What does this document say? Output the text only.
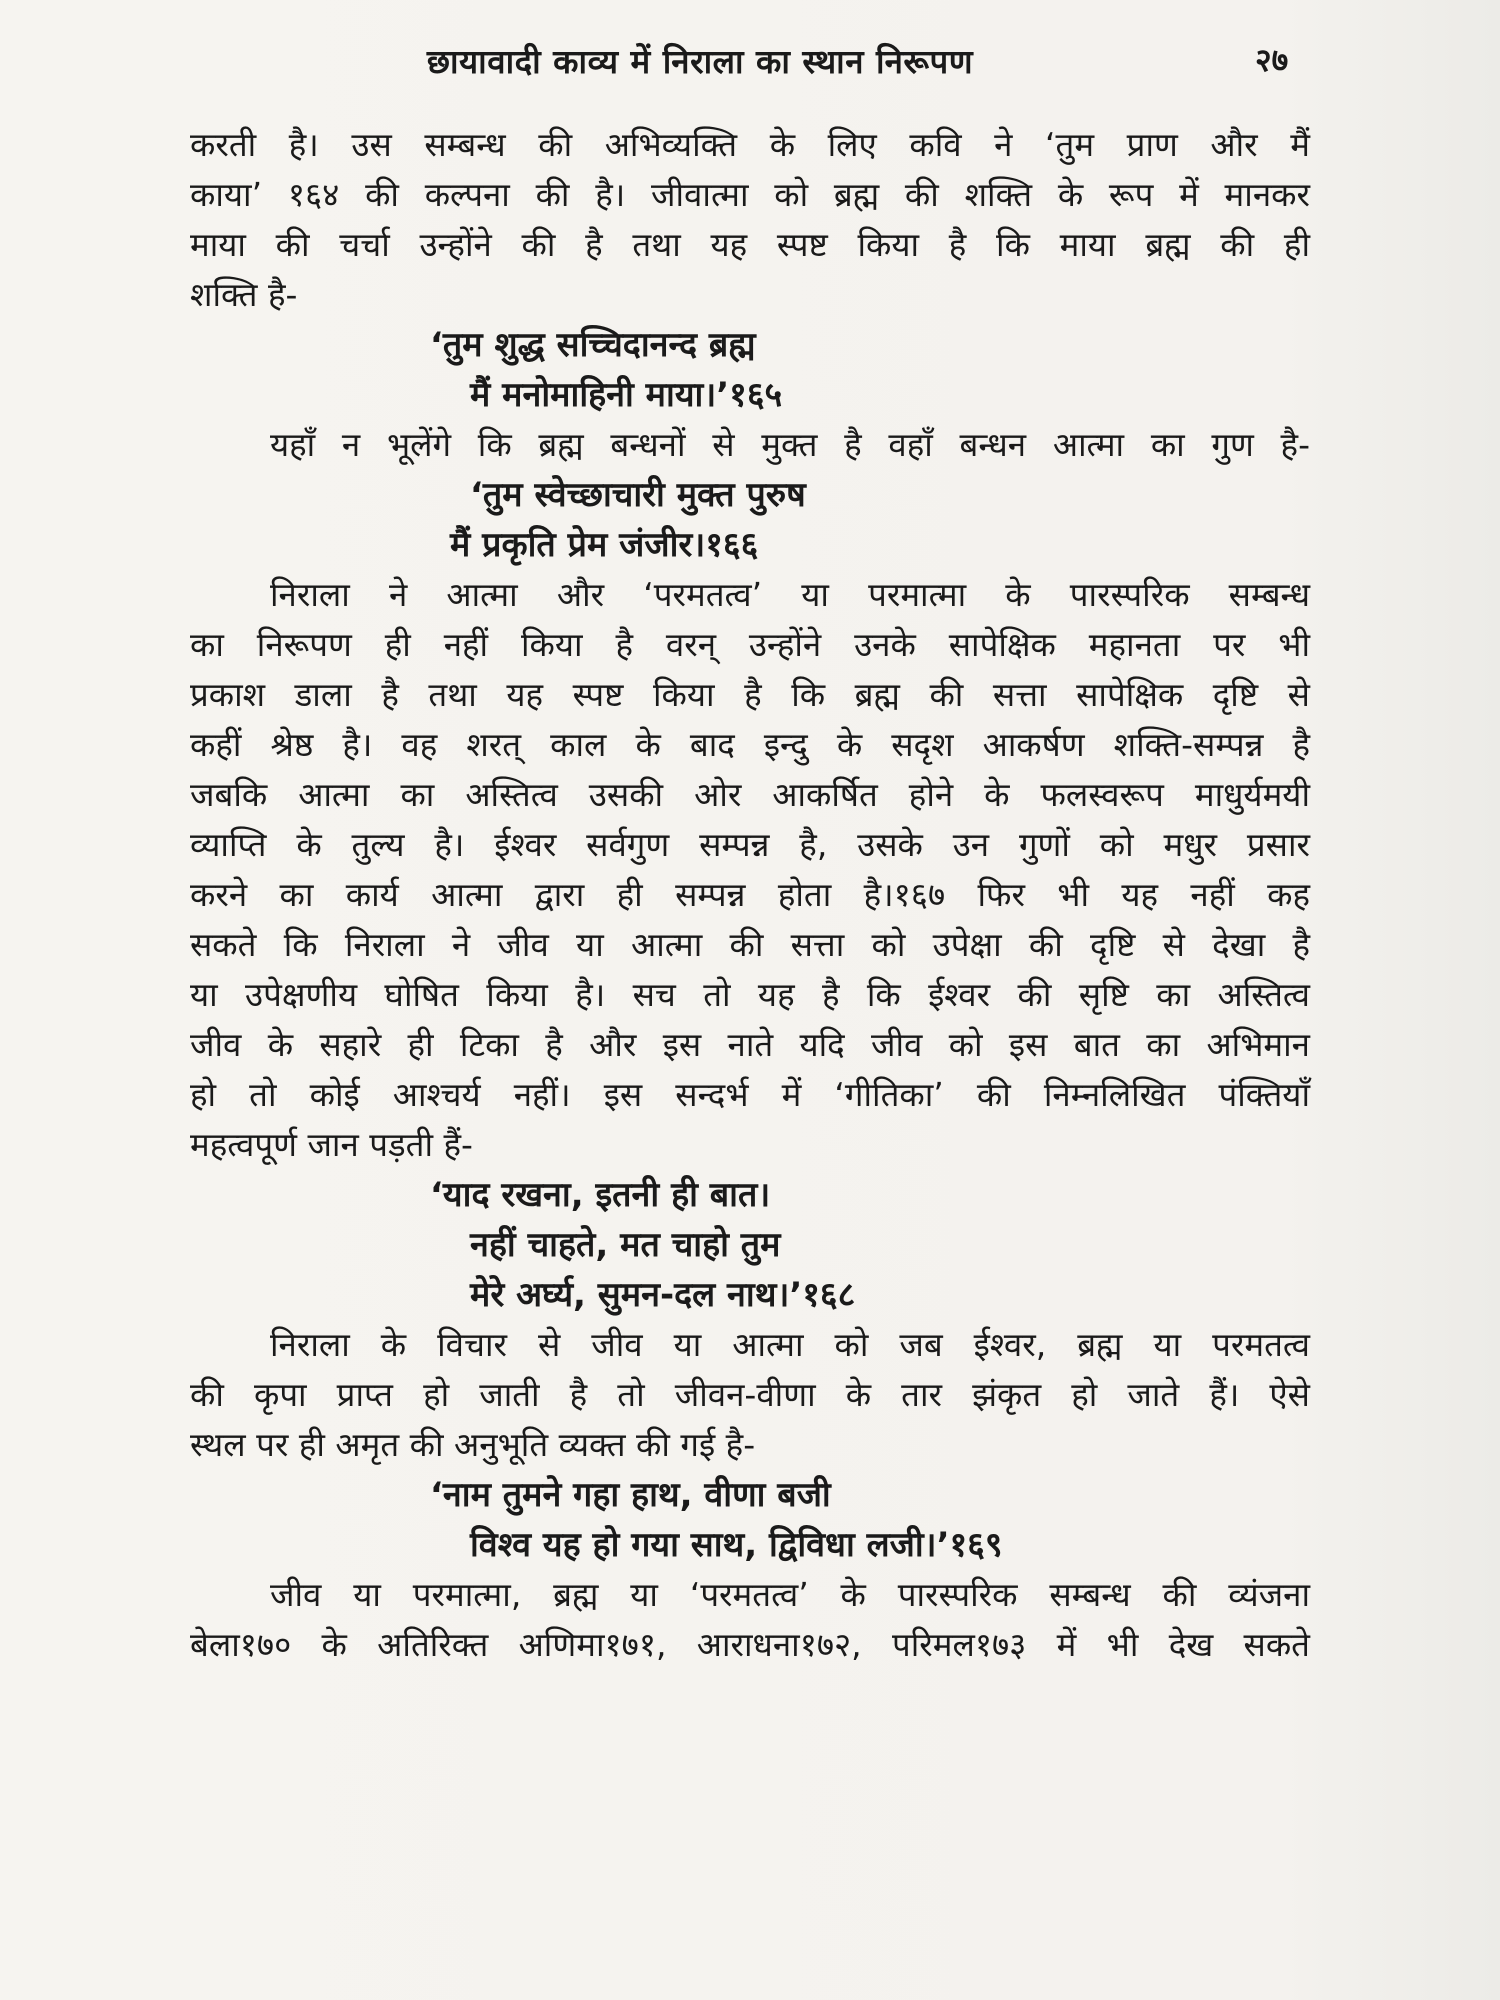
छायावादी काव्य में निराला का स्थान निरूपण	२७
करती है। उस सम्बन्ध की अभिव्यक्ति के लिए कवि ने ‘तुम प्राण और मैं
काया’ १६४ की कल्पना की है। जीवात्मा को ब्रह्म की शक्ति के रूप में मानकर
माया की चर्चा उन्होंने की है तथा यह स्पष्ट किया है कि माया ब्रह्म की ही
शक्ति है-
‘तुम शुद्ध सच्चिदानन्द ब्रह्म
मैं मनोमाहिनी माया।’१६५
यहाँ न भूलेंगे कि ब्रह्म बन्धनों से मुक्त है वहाँ बन्धन आत्मा का गुण है-
‘तुम स्वेच्छाचारी मुक्त पुरुष
मैं प्रकृति प्रेम जंजीर।१६६
निराला ने आत्मा और ‘परमतत्व’ या परमात्मा के पारस्परिक सम्बन्ध
का निरूपण ही नहीं किया है वरन् उन्होंने उनके सापेक्षिक महानता पर भी
प्रकाश डाला है तथा यह स्पष्ट किया है कि ब्रह्म की सत्ता सापेक्षिक दृष्टि से
कहीं श्रेष्ठ है। वह शरत् काल के बाद इन्दु के सदृश आकर्षण शक्ति-सम्पन्न है
जबकि आत्मा का अस्तित्व उसकी ओर आकर्षित होने के फलस्वरूप माधुर्यमयी
व्याप्ति के तुल्य है। ईश्वर सर्वगुण सम्पन्न है, उसके उन गुणों को मधुर प्रसार
करने का कार्य आत्मा द्वारा ही सम्पन्न होता है।१६७ फिर भी यह नहीं कह
सकते कि निराला ने जीव या आत्मा की सत्ता को उपेक्षा की दृष्टि से देखा है
या उपेक्षणीय घोषित किया है। सच तो यह है कि ईश्वर की सृष्टि का अस्तित्व
जीव के सहारे ही टिका है और इस नाते यदि जीव को इस बात का अभिमान
हो तो कोई आश्चर्य नहीं। इस सन्दर्भ में ‘गीतिका’ की निम्नलिखित पंक्तियाँ
महत्वपूर्ण जान पड़ती हैं-
‘याद रखना, इतनी ही बात।
नहीं चाहते, मत चाहो तुम
मेरे अर्घ्य, सुमन-दल नाथ।’१६८
निराला के विचार से जीव या आत्मा को जब ईश्वर, ब्रह्म या परमतत्व
की कृपा प्राप्त हो जाती है तो जीवन-वीणा के तार झंकृत हो जाते हैं। ऐसे
स्थल पर ही अमृत की अनुभूति व्यक्त की गई है-
‘नाम तुमने गहा हाथ, वीणा बजी
विश्व यह हो गया साथ, द्विविधा लजी।’१६९
जीव या परमात्मा, ब्रह्म या ‘परमतत्व’ के पारस्परिक सम्बन्ध की व्यंजना
बेला१७० के अतिरिक्त अणिमा१७१, आराधना१७२, परिमल१७३ में भी देख सकते
